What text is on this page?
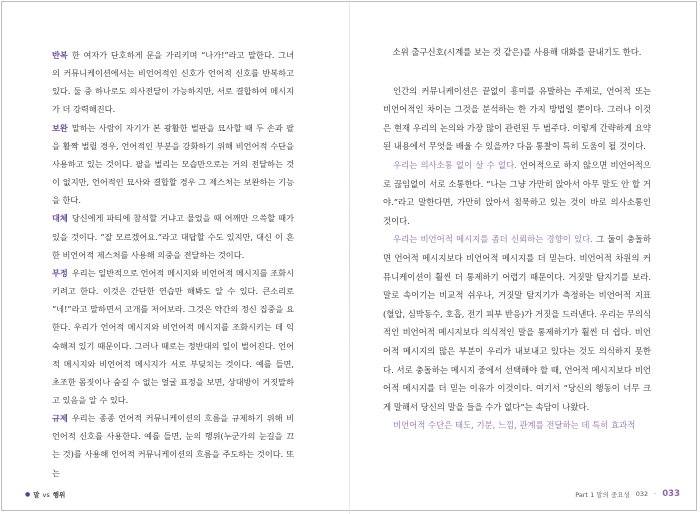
반복 한 여자가 단호하게 문을 가리키며 “나가!”라고 말한다. 그녀의 커뮤니케이션에서는 비언어적인 신호가 언어적 신호를 반복하고 있다. 둘 중 하나로도 의사전달이 가능하지만, 서로 결합하여 메시지가 더 강력해진다.

보완 말하는 사람이 자기가 본 광활한 벌판을 묘사할 때 두 손과 팔을 활짝 벌릴 경우, 언어적인 부분을 강화하기 위해 비언어적 수단을 사용하고 있는 것이다. 팔을 벌리는 모습만으로는 거의 전달하는 것이 없지만, 언어적인 묘사와 결합할 경우 그 제스처는 보완하는 기능을 한다.

대체 당신에게 파티에 참석할 거냐고 물었을 때 어깨만 으쓱할 때가 있을 것이다. “잘 모르겠어요.”라고 대답할 수도 있지만, 대신 이 흔한 비언어적 제스처를 사용해 의중을 전달하는 것이다.

부정 우리는 일반적으로 언어적 메시지와 비언어적 메시지를 조화시키려고 한다. 이것은 간단한 연습만 해봐도 알 수 있다. 큰소리로 “네!”라고 말하면서 고개를 저어보라. 그것은 약간의 정신 집중을 요한다. 우리가 언어적 메시지와 비언어적 메시지를 조화시키는 데 익숙해져 있기 때문이다. 그러나 때로는 정반대의 일이 벌어진다. 언어적 메시지와 비언어적 메시지가 서로 부딪치는 것이다. 예를 들면, 초조한 몸짓이나 숨길 수 없는 얼굴 표정을 보면, 상대방이 거짓말하고 있음을 알 수 있다.

규제 우리는 종종 언어적 커뮤니케이션의 흐름을 규제하기 위해 비언어적 신호를 사용한다. 예를 들면, 눈의 행위(누군가의 눈길을 끄는 것)를 사용해 언어적 커뮤니케이션의 흐름을 주도하는 것이다. 또는

● 말 vs 행위

소위 출구신호(시계를 보는 것 같은)를 사용해 대화를 끝내기도 한다.

인간의 커뮤니케이션은 끝없이 흥미를 유발하는 주제로, 언어적 또는 비언어적인 차이는 그것을 분석하는 한 가지 방법일 뿐이다. 그러나 이것은 현재 우리의 논의와 가장 많이 관련된 두 범주다. 이렇게 간략하게 요약된 내용에서 무엇을 배울 수 있을까? 다음 통찰이 특히 도움이 될 것이다.

우리는 의사소통 없이 살 수 없다. 언어적으로 하지 않으면 비언어적으로 끊임없이 서로 소통한다. “나는 그냥 가만히 앉아서 아무 말도 안 할 거야.”라고 말한다면, 가만히 앉아서 침묵하고 있는 것이 바로 의사소통인 것이다.

우리는 비언어적 메시지를 좀더 신뢰하는 경향이 있다. 그 둘이 충돌하면 언어적 메시지보다 비언어적 메시지를 더 믿는다. 비언어적 차원의 커뮤니케이션이 훨씬 더 통제하기 어렵기 때문이다. 거짓말 탐지기를 보라. 말로 속이기는 비교적 쉬우나, 거짓말 탐지기가 측정하는 비언어적 지표(혈압, 심박동수, 호흡, 전기 피부 반응)가 거짓을 드러낸다. 우리는 무의식적인 비언어적 메시지보다 의식적인 말을 통제하기가 훨씬 더 쉽다. 비언어적 메시지의 많은 부분이 우리가 내보내고 있다는 것도 의식하지 못한다. 서로 충돌하는 메시지 중에서 선택해야 할 때, 언어적 메시지보다 비언어적 메시지를 더 믿는 이유가 이것이다. 여기서 “당신의 행동이 너무 크게 말해서 당신의 말을 들을 수가 없다”는 속담이 나왔다.

비언어적 수단은 태도, 기분, 느낌, 관계를 전달하는 데 특히 효과적

Part 1 말의 중요성 032 · 033
